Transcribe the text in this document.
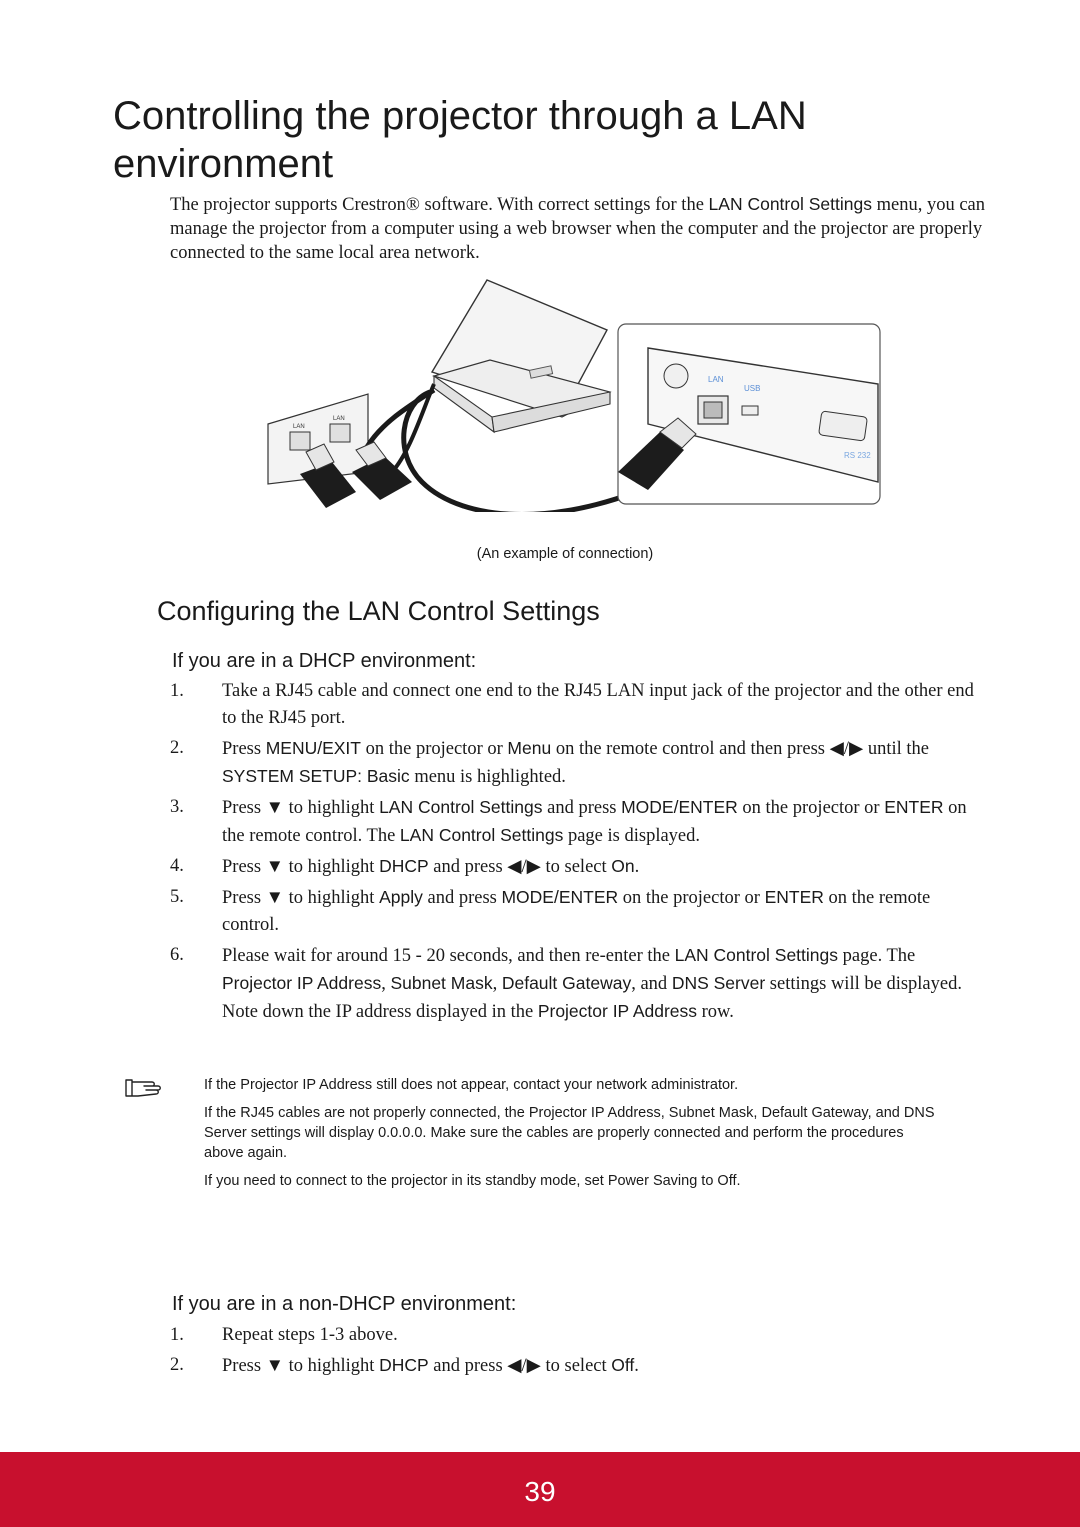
Controlling the projector through a LAN environment

The projector supports Crestron® software. With correct settings for the LAN Control Settings menu, you can manage the projector from a computer using a web browser when the computer and the projector are properly connected to the same local area network.

LAN
LAN
LAN
USB
RS 232
(An example of connection)
Configuring the LAN Control Settings
If you are in a DHCP environment:
1. Take a RJ45 cable and connect one end to the RJ45 LAN input jack of the projector and the other end to the RJ45 port.
2. Press MENU/EXIT on the projector or Menu on the remote control and then press ◀/▶ until the SYSTEM SETUP: Basic menu is highlighted.
3. Press ▼ to highlight LAN Control Settings and press MODE/ENTER on the projector or ENTER on the remote control. The LAN Control Settings page is displayed.
4. Press ▼ to highlight DHCP and press ◀/▶ to select On.
5. Press ▼ to highlight Apply and press MODE/ENTER on the projector or ENTER on the remote control.
6. Please wait for around 15 - 20 seconds, and then re-enter the LAN Control Settings page. The Projector IP Address, Subnet Mask, Default Gateway, and DNS Server settings will be displayed. Note down the IP address displayed in the Projector IP Address row.
If the Projector IP Address still does not appear, contact your network administrator.
If the RJ45 cables are not properly connected, the Projector IP Address, Subnet Mask, Default Gateway, and DNS Server settings will display 0.0.0.0. Make sure the cables are properly connected and perform the procedures above again.
If you need to connect to the projector in its standby mode, set Power Saving to Off.
If you are in a non-DHCP environment:
1. Repeat steps 1-3 above.
2. Press ▼ to highlight DHCP and press ◀/▶ to select Off.
39
